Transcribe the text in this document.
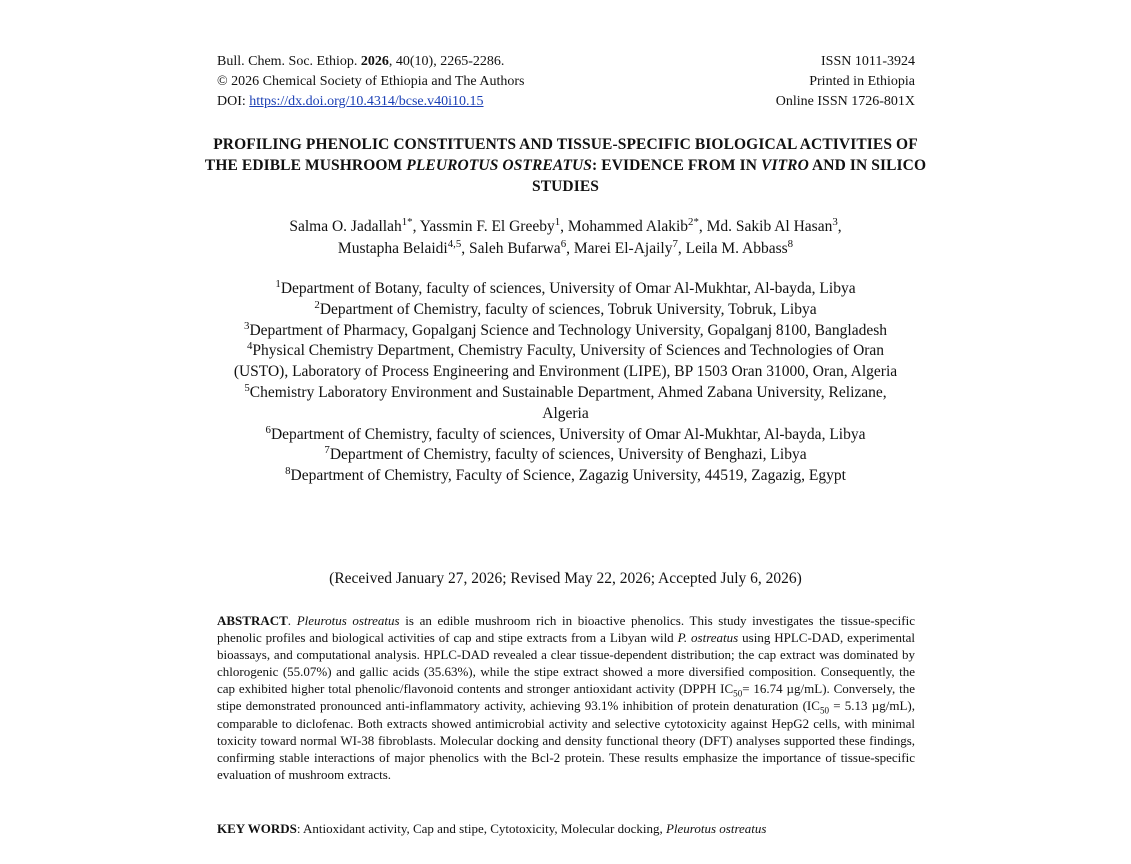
Bull. Chem. Soc. Ethiop. 2026, 40(10), 2265-2286.
© 2026 Chemical Society of Ethiopia and The Authors
DOI: https://dx.doi.org/10.4314/bcse.v40i10.15
ISSN 1011-3924
Printed in Ethiopia
Online ISSN 1726-801X
PROFILING PHENOLIC CONSTITUENTS AND TISSUE-SPECIFIC BIOLOGICAL ACTIVITIES OF THE EDIBLE MUSHROOM PLEUROTUS OSTREATUS: EVIDENCE FROM IN VITRO AND IN SILICO STUDIES
Salma O. Jadallah$^{1*}$, Yassmin F. El Greeby$^1$, Mohammed Alakib$^{2*}$, Md. Sakib Al Hasan$^3$,
Mustapha Belaidi$^{4,5}$, Saleh Bufarwa$^6$, Marei El-Ajaily$^7$, Leila M. Abbass$^8$
$^1$Department of Botany, faculty of sciences, University of Omar Al-Mukhtar, Al-bayda, Libya
$^2$Department of Chemistry, faculty of sciences, Tobruk University, Tobruk, Libya
$^3$Department of Pharmacy, Gopalganj Science and Technology University, Gopalganj 8100, Bangladesh
$^4$Physical Chemistry Department, Chemistry Faculty, University of Sciences and Technologies of Oran (USTO), Laboratory of Process Engineering and Environment (LIPE), BP 1503 Oran 31000, Oran, Algeria
$^5$Chemistry Laboratory Environment and Sustainable Department, Ahmed Zabana University, Relizane, Algeria
$^6$Department of Chemistry, faculty of sciences, University of Omar Al-Mukhtar, Al-bayda, Libya
$^7$Department of Chemistry, faculty of sciences, University of Benghazi, Libya
$^8$Department of Chemistry, Faculty of Science, Zagazig University, 44519, Zagazig, Egypt
(Received January 27, 2026; Revised May 22, 2026; Accepted July 6, 2026)
ABSTRACT. Pleurotus ostreatus is an edible mushroom rich in bioactive phenolics. This study investigates the tissue-specific phenolic profiles and biological activities of cap and stipe extracts from a Libyan wild P. ostreatus using HPLC-DAD, experimental bioassays, and computational analysis. HPLC-DAD revealed a clear tissue-dependent distribution; the cap extract was dominated by chlorogenic (55.07%) and gallic acids (35.63%), while the stipe extract showed a more diversified composition. Consequently, the cap exhibited higher total phenolic/flavonoid contents and stronger antioxidant activity (DPPH $IC_{50}= 16.74$ µg/mL). Conversely, the stipe demonstrated pronounced anti-inflammatory activity, achieving 93.1% inhibition of protein denaturation ($IC_{50} = 5.13$ µg/mL), comparable to diclofenac. Both extracts showed antimicrobial activity and selective cytotoxicity against HepG2 cells, with minimal toxicity toward normal WI-38 fibroblasts. Molecular docking and density functional theory (DFT) analyses supported these findings, confirming stable interactions of major phenolics with the Bcl-2 protein. These results emphasize the importance of tissue-specific evaluation of mushroom extracts.
KEY WORDS: Antioxidant activity, Cap and stipe, Cytotoxicity, Molecular docking, Pleurotus ostreatus
